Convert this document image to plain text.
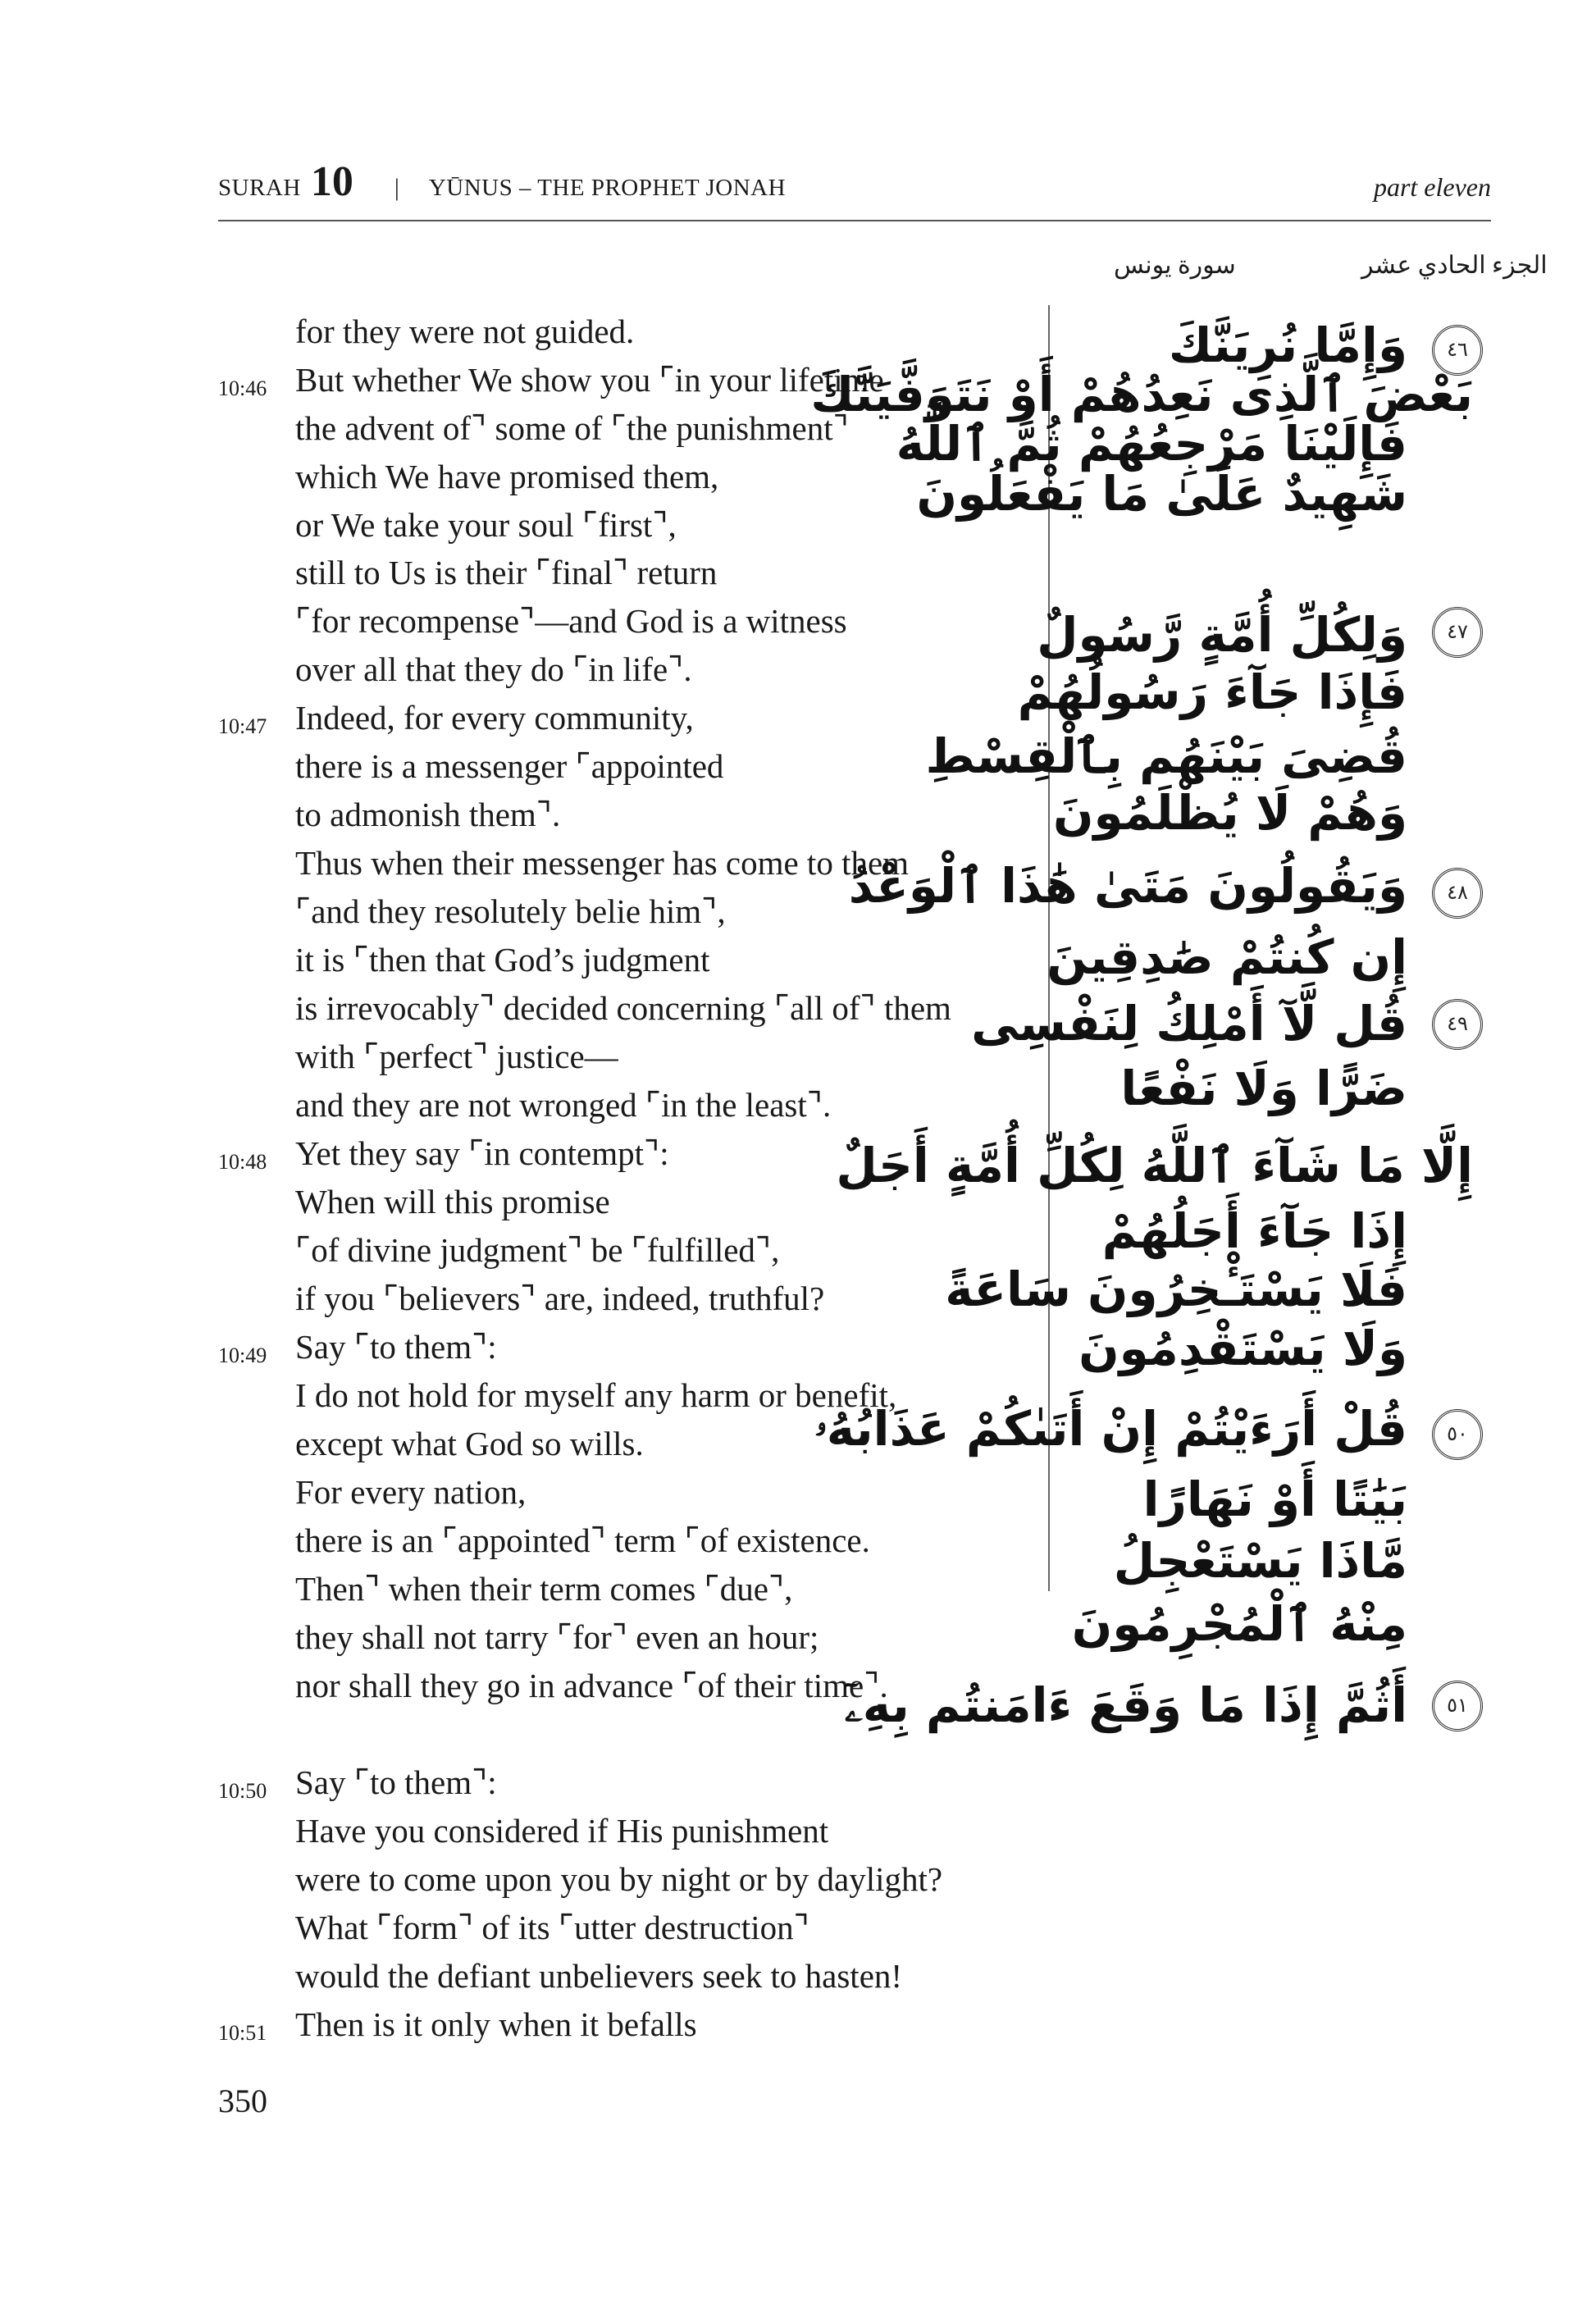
SURAH 10 | YŪNUS – THE PROPHET JONAH	part eleven
الجزء الحادي عشر
سورة يونس
for they were not guided.
10:46 But whether We show you ⌜in your lifetime
the advent of⌝ some of ⌜the punishment⌝
which We have promised them,
or We take your soul ⌜first⌝,
still to Us is their ⌜final⌝ return
⌜for recompense⌝—and God is a witness
over all that they do ⌜in life⌝.
10:47 Indeed, for every community,
there is a messenger ⌜appointed
to admonish them⌝.
Thus when their messenger has come to them
⌜and they resolutely belie him⌝,
it is ⌜then that God’s judgment
is irrevocably⌝ decided concerning ⌜all of⌝ them
with ⌜perfect⌝ justice—
and they are not wronged ⌜in the least⌝.
10:48 Yet they say ⌜in contempt⌝:
When will this promise
⌜of divine judgment⌝ be ⌜fulfilled⌝,
if you ⌜believers⌝ are, indeed, truthful?
10:49 Say ⌜to them⌝:
I do not hold for myself any harm or benefit,
except what God so wills.
For every nation,
there is an ⌜appointed⌝ term ⌜of existence.
Then⌝ when their term comes ⌜due⌝,
they shall not tarry ⌜for⌝ even an hour;
nor shall they go in advance ⌜of their time⌝.
10:50 Say ⌜to them⌝:
Have you considered if His punishment
were to come upon you by night or by daylight?
What ⌜form⌝ of its ⌜utter destruction⌝
would the defiant unbelievers seek to hasten!
10:51 Then is it only when it befalls
وَإِمَّا نُرِيَنَّكَ
بَعْضَ ٱلَّذِى نَعِدُهُمْ أَوْ نَتَوَفَّيَنَّكَ
فَإِلَيْنَا مَرْجِعُهُمْ ثُمَّ ٱللَّهُ
شَهِيدٌ عَلَىٰ مَا يَفْعَلُونَ
وَلِكُلِّ أُمَّةٍ رَّسُولٌ
فَإِذَا جَآءَ رَسُولُهُمْ
قُضِىَ بَيْنَهُم بِٱلْقِسْطِ
وَهُمْ لَا يُظْلَمُونَ
وَيَقُولُونَ مَتَىٰ هَٰذَا ٱلْوَعْدُ
إِن كُنتُمْ صَٰدِقِينَ
قُل لَّآ أَمْلِكُ لِنَفْسِى
ضَرًّا وَلَا نَفْعًا
إِلَّا مَا شَآءَ ٱللَّهُ لِكُلِّ أُمَّةٍ أَجَلٌ
إِذَا جَآءَ أَجَلُهُمْ
فَلَا يَسْتَـْٔخِرُونَ سَاعَةً
وَلَا يَسْتَقْدِمُونَ
قُلْ أَرَءَيْتُمْ إِنْ أَتَىٰكُمْ عَذَابُهُۥ
بَيَٰتًا أَوْ نَهَارًا
مَّاذَا يَسْتَعْجِلُ
مِنْهُ ٱلْمُجْرِمُونَ
أَثُمَّ إِذَا مَا وَقَعَ ءَامَنتُم بِهِۦٓ
٤٦
٤٧
٤٨
٤٩
٥٠
٥١
350
